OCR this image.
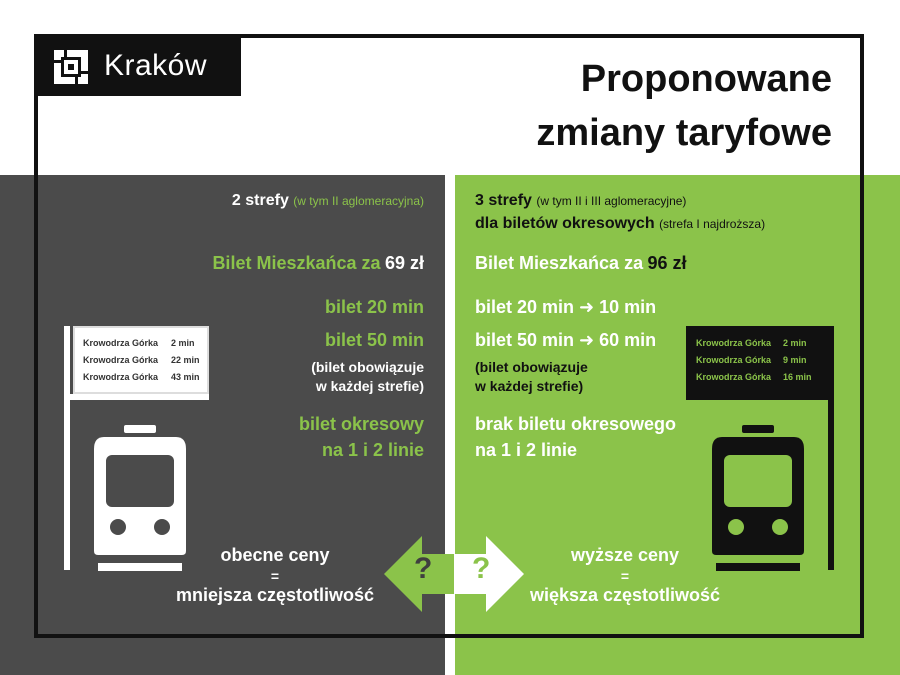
Kraków	Proponowane
zmiany taryfowe
2 strefy (w tym II aglomeracyjna)
Bilet Mieszkańca za 69 zł
bilet 20 min
bilet 50 min
(bilet obowiązuje
w każdej strefie)
bilet okresowy
na 1 i 2 linie
3 strefy (w tym II i III aglomeracyjne)
dla biletów okresowych (strefa I najdroższa)
Bilet Mieszkańca za 96 zł
bilet 20 min ➜ 10 min
bilet 50 min ➜ 60 min
(bilet obowiązuje
w każdej strefie)
brak biletu okresowego
na 1 i 2 linie
Krowodrza Górka 2 min
Krowodrza Górka 22 min
Krowodrza Górka 43 min
Krowodrza Górka 2 min
Krowodrza Górka 9 min
Krowodrza Górka 16 min
obecne ceny
=
mniejsza częstotliwość
wyższe ceny
=
większa częstotliwość
? ?
